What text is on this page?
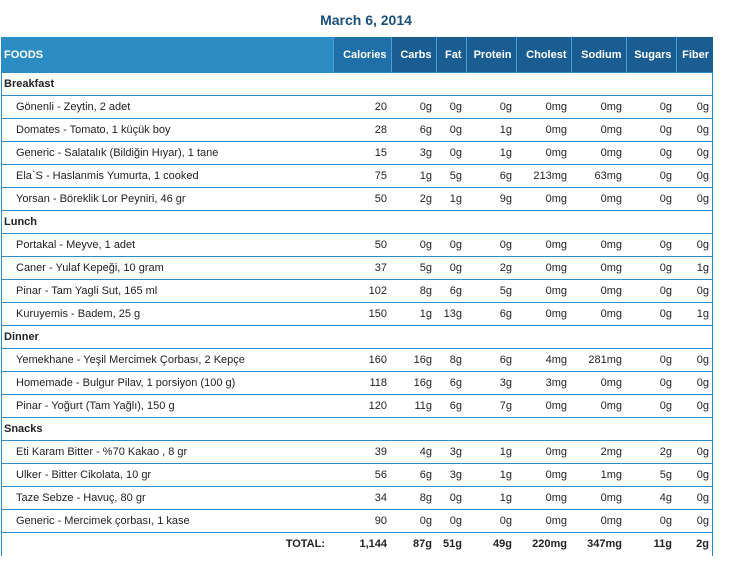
March 6, 2014
FOODS	Calories	Carbs	Fat	Protein	Cholest	Sodium	Sugars	Fiber
Breakfast								
Gönenli - Zeytin, 2 adet	20	0g	0g	0g	0mg	0mg	0g	0g
Domates - Tomato, 1 küçük boy	28	6g	0g	1g	0mg	0mg	0g	0g
Generic - Salatalık (Bildiğin Hıyar), 1 tane	15	3g	0g	1g	0mg	0mg	0g	0g
Ela`S - Haslanmis Yumurta, 1 cooked	75	1g	5g	6g	213mg	63mg	0g	0g
Yorsan - Böreklik Lor Peyniri, 46 gr	50	2g	1g	9g	0mg	0mg	0g	0g
Lunch								
Portakal - Meyve, 1 adet	50	0g	0g	0g	0mg	0mg	0g	0g
Caner - Yulaf Kepeği, 10 gram	37	5g	0g	2g	0mg	0mg	0g	1g
Pinar - Tam Yagli Sut, 165 ml	102	8g	6g	5g	0mg	0mg	0g	0g
Kuruyemis - Badem, 25 g	150	1g	13g	6g	0mg	0mg	0g	1g
Dinner								
Yemekhane - Yeşil Mercimek Çorbası, 2 Kepçe	160	16g	8g	6g	4mg	281mg	0g	0g
Homemade - Bulgur Pilav, 1 porsiyon (100 g)	118	16g	6g	3g	3mg	0mg	0g	0g
Pinar - Yoğurt (Tam Yağlı), 150 g	120	11g	6g	7g	0mg	0mg	0g	0g
Snacks								
Eti Karam Bitter - %70 Kakao , 8 gr	39	4g	3g	1g	0mg	2mg	2g	0g
Ulker - Bitter Cikolata, 10 gr	56	6g	3g	1g	0mg	1mg	5g	0g
Taze Sebze - Havuç, 80 gr	34	8g	0g	1g	0mg	0mg	4g	0g
Generic - Mercimek çorbası, 1 kase	90	0g	0g	0g	0mg	0mg	0g	0g
TOTAL:	1,144	87g	51g	49g	220mg	347mg	11g	2g
